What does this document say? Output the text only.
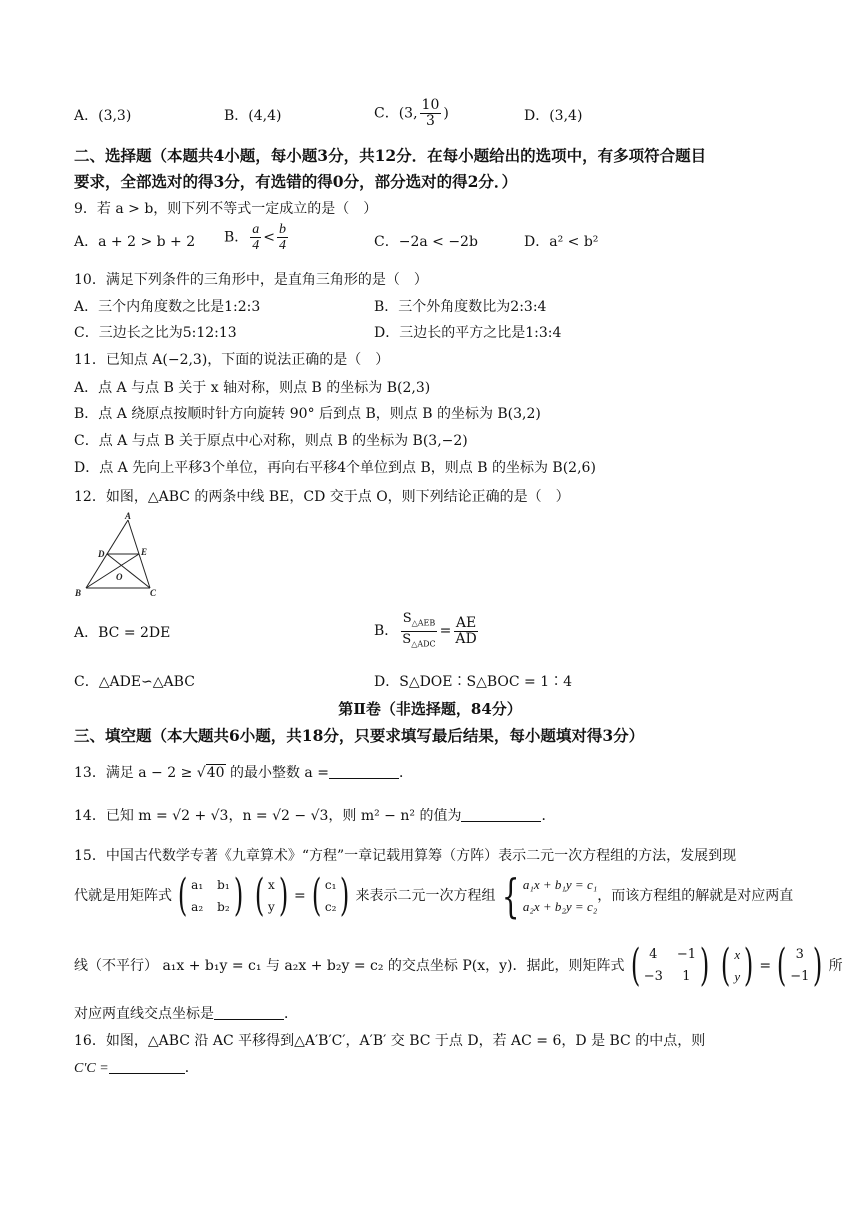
A．(3,3)	B．(4,4)	C．(3, $\frac{10}{3}$ )	D．(3,4)
二、选择题（本题共4小题，每小题3分，共12分．在每小题给出的选项中，有多项符合题目
要求，全部选对的得3分，有选错的得0分，部分选对的得2分．）
9．若 a > b，则下列不等式一定成立的是（　）
A．a + 2 > b + 2 B． $\frac{a}{4} < \frac{b}{4}$	C．−2a < −2b	D．a² < b²
10．满足下列条件的三角形中，是直角三角形的是（　）
A．三个内角度数之比是1:2:3	B．三个外角度数比为2:3:4
C．三边长之比为5:12:13	D．三边长的平方之比是1:3:4
11．已知点 A(−2,3)，下面的说法正确的是（　）
A．点 A 与点 B 关于 x 轴对称，则点 B 的坐标为 B(2,3)
B．点 A 绕原点按顺时针方向旋转 90° 后到点 B，则点 B 的坐标为 B(3,2)
C．点 A 与点 B 关于原点中心对称，则点 B 的坐标为 B(3,−2)
D．点 A 先向上平移3个单位，再向右平移4个单位到点 B，则点 B 的坐标为 B(2,6)
12．如图，△ABC 的两条中线 BE，CD 交于点 O，则下列结论正确的是（　）
A
B	C
D	E
O
A．BC = 2DE	B． $\frac{S_{\triangle AEB}}{S_{\triangle ADC}} = \frac{AE}{AD}$
C．△ADE∽△ABC	D．S△DOE∶S△BOC = 1∶4
第Ⅱ卷（非选择题，84分）
三、填空题（本大题共6小题，共18分，只要求填写最后结果，每小题填对得3分）
13．满足 a − 2 ≥ √40 的最小整数 a =	．
14．已知 m = √2 + √3，n = √2 − √3，则 m² − n² 的值为	．
15．中国古代数学专著《九章算术》“方程”一章记载用算筹（方阵）表示二元一次方程组的方法，发展到现
代就是用矩阵式 ( a₁ b₁
a₂ b₂ ) ( x
y ) = ( c₁
c₂ ) 来表示二元一次方程组 { a₁x + b₁y = c₁
a₂x + b₂y = c₂
，而该方程组的解就是对应两直
线（不平行） a₁x + b₁y = c₁ 与 a₂x + b₂y = c₂ 的交点坐标 P(x，y)．据此，则矩阵式 ( 4	−1
−3	1 ) ( x
y ) = ( 3
−1 ) 所
对应两直线交点坐标是	．
16．如图，△ABC 沿 AC 平移得到△A′B′C′，A′B′ 交 BC 于点 D，若 AC = 6，D 是 BC 的中点，则
C′C =	．
